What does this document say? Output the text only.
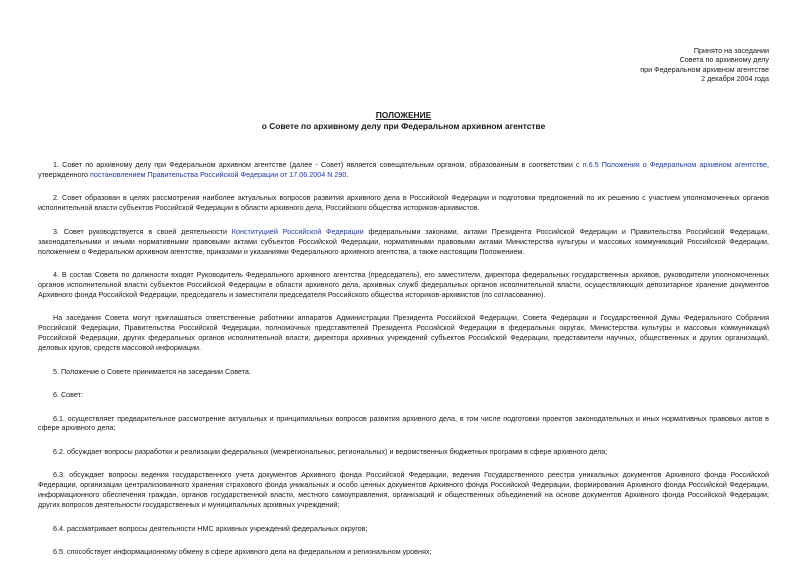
Принято на заседании
Совета по архивному делу
при Федеральном архивном агентстве
2 декабря 2004 года
ПОЛОЖЕНИЕ
о Совете по архивному делу при Федеральном архивном агентстве

1. Совет по архивному делу при Федеральном архивном агентстве (далее - Совет) является совещательным органом, образованным в соответствии с п.6.5 Положения о Федеральном архивном агентстве, утвержденного постановлением Правительства Российской Федерации от 17.06.2004 N 290.

2. Совет образован в целях рассмотрения наиболее актуальных вопросов развития архивного дела в Российской Федерации и подготовки предложений по их решению с участием уполномоченных органов исполнительной власти субъектов Российской Федерации в области архивного дела, Российского общества историков-архивистов.

3. Совет руководствуется в своей деятельности Конституцией Российской Федерации федеральными законами, актами Президента Российской Федерации и Правительства Российской Федерации, законодательными и иными нормативными правовыми актами субъектов Российской Федерации, нормативными правовыми актами Министерства культуры и массовых коммуникаций Российской Федерации, положением о Федеральном архивном агентстве, приказами и указаниями Федерального архивного агентства, а также настоящим Положением.

4. В состав Совета по должности входят Руководитель Федерального архивного агентства (председатель), его заместители, директора федеральных государственных архивов, руководители уполномоченных органов исполнительной власти субъектов Российской Федерации в области архивного дела, архивных служб федеральных органов исполнительной власти, осуществляющих депозитарное хранение документов Архивного фонда Российской Федерации, председатель и заместители председателя Российского общества историков-архивистов (по согласованию).

На заседания Совета могут приглашаться ответственные работники аппаратов Администрации Президента Российской Федерации, Совета Федерации и Государственной Думы Федерального Собрания Российской Федерации, Правительства Российской Федерации, полномочных представителей Президента Российской Федерации в федеральных округах, Министерства культуры и массовых коммуникаций Российской Федерации, других федеральных органов исполнительной власти, директора архивных учреждений субъектов Российской Федерации, представители научных, общественных и других организаций, деловых кругов, средств массовой информации.

5. Положение о Совете принимается на заседании Совета.

6. Совет:

6.1. осуществляет предварительное рассмотрение актуальных и принципиальных вопросов развития архивного дела, в том числе подготовки проектов законодательных и иных нормативных правовых актов в сфере архивного дела;

6.2. обсуждает вопросы разработки и реализации федеральных (межрегиональных, региональных) и ведомственных бюджетных программ в сфере архивного дела;

6.3. обсуждает вопросы ведения государственного учета документов Архивного фонда Российской Федерации, ведения Государственного реестра уникальных документов Архивного фонда Российской Федерации, организации централизованного хранения страхового фонда уникальных и особо ценных документов Архивного фонда Российской Федерации, формирования Архивного фонда Российской Федерации, информационного обеспечения граждан, органов государственной власти, местного самоуправления, организаций и общественных объединений на основе документов Архивного фонда Российской Федерации; других вопросов деятельности государственных и муниципальных архивных учреждений;

6.4. рассматривает вопросы деятельности НМС архивных учреждений федеральных округов;

6.5. способствует информационному обмену в сфере архивного дела на федеральном и региональном уровнях;
